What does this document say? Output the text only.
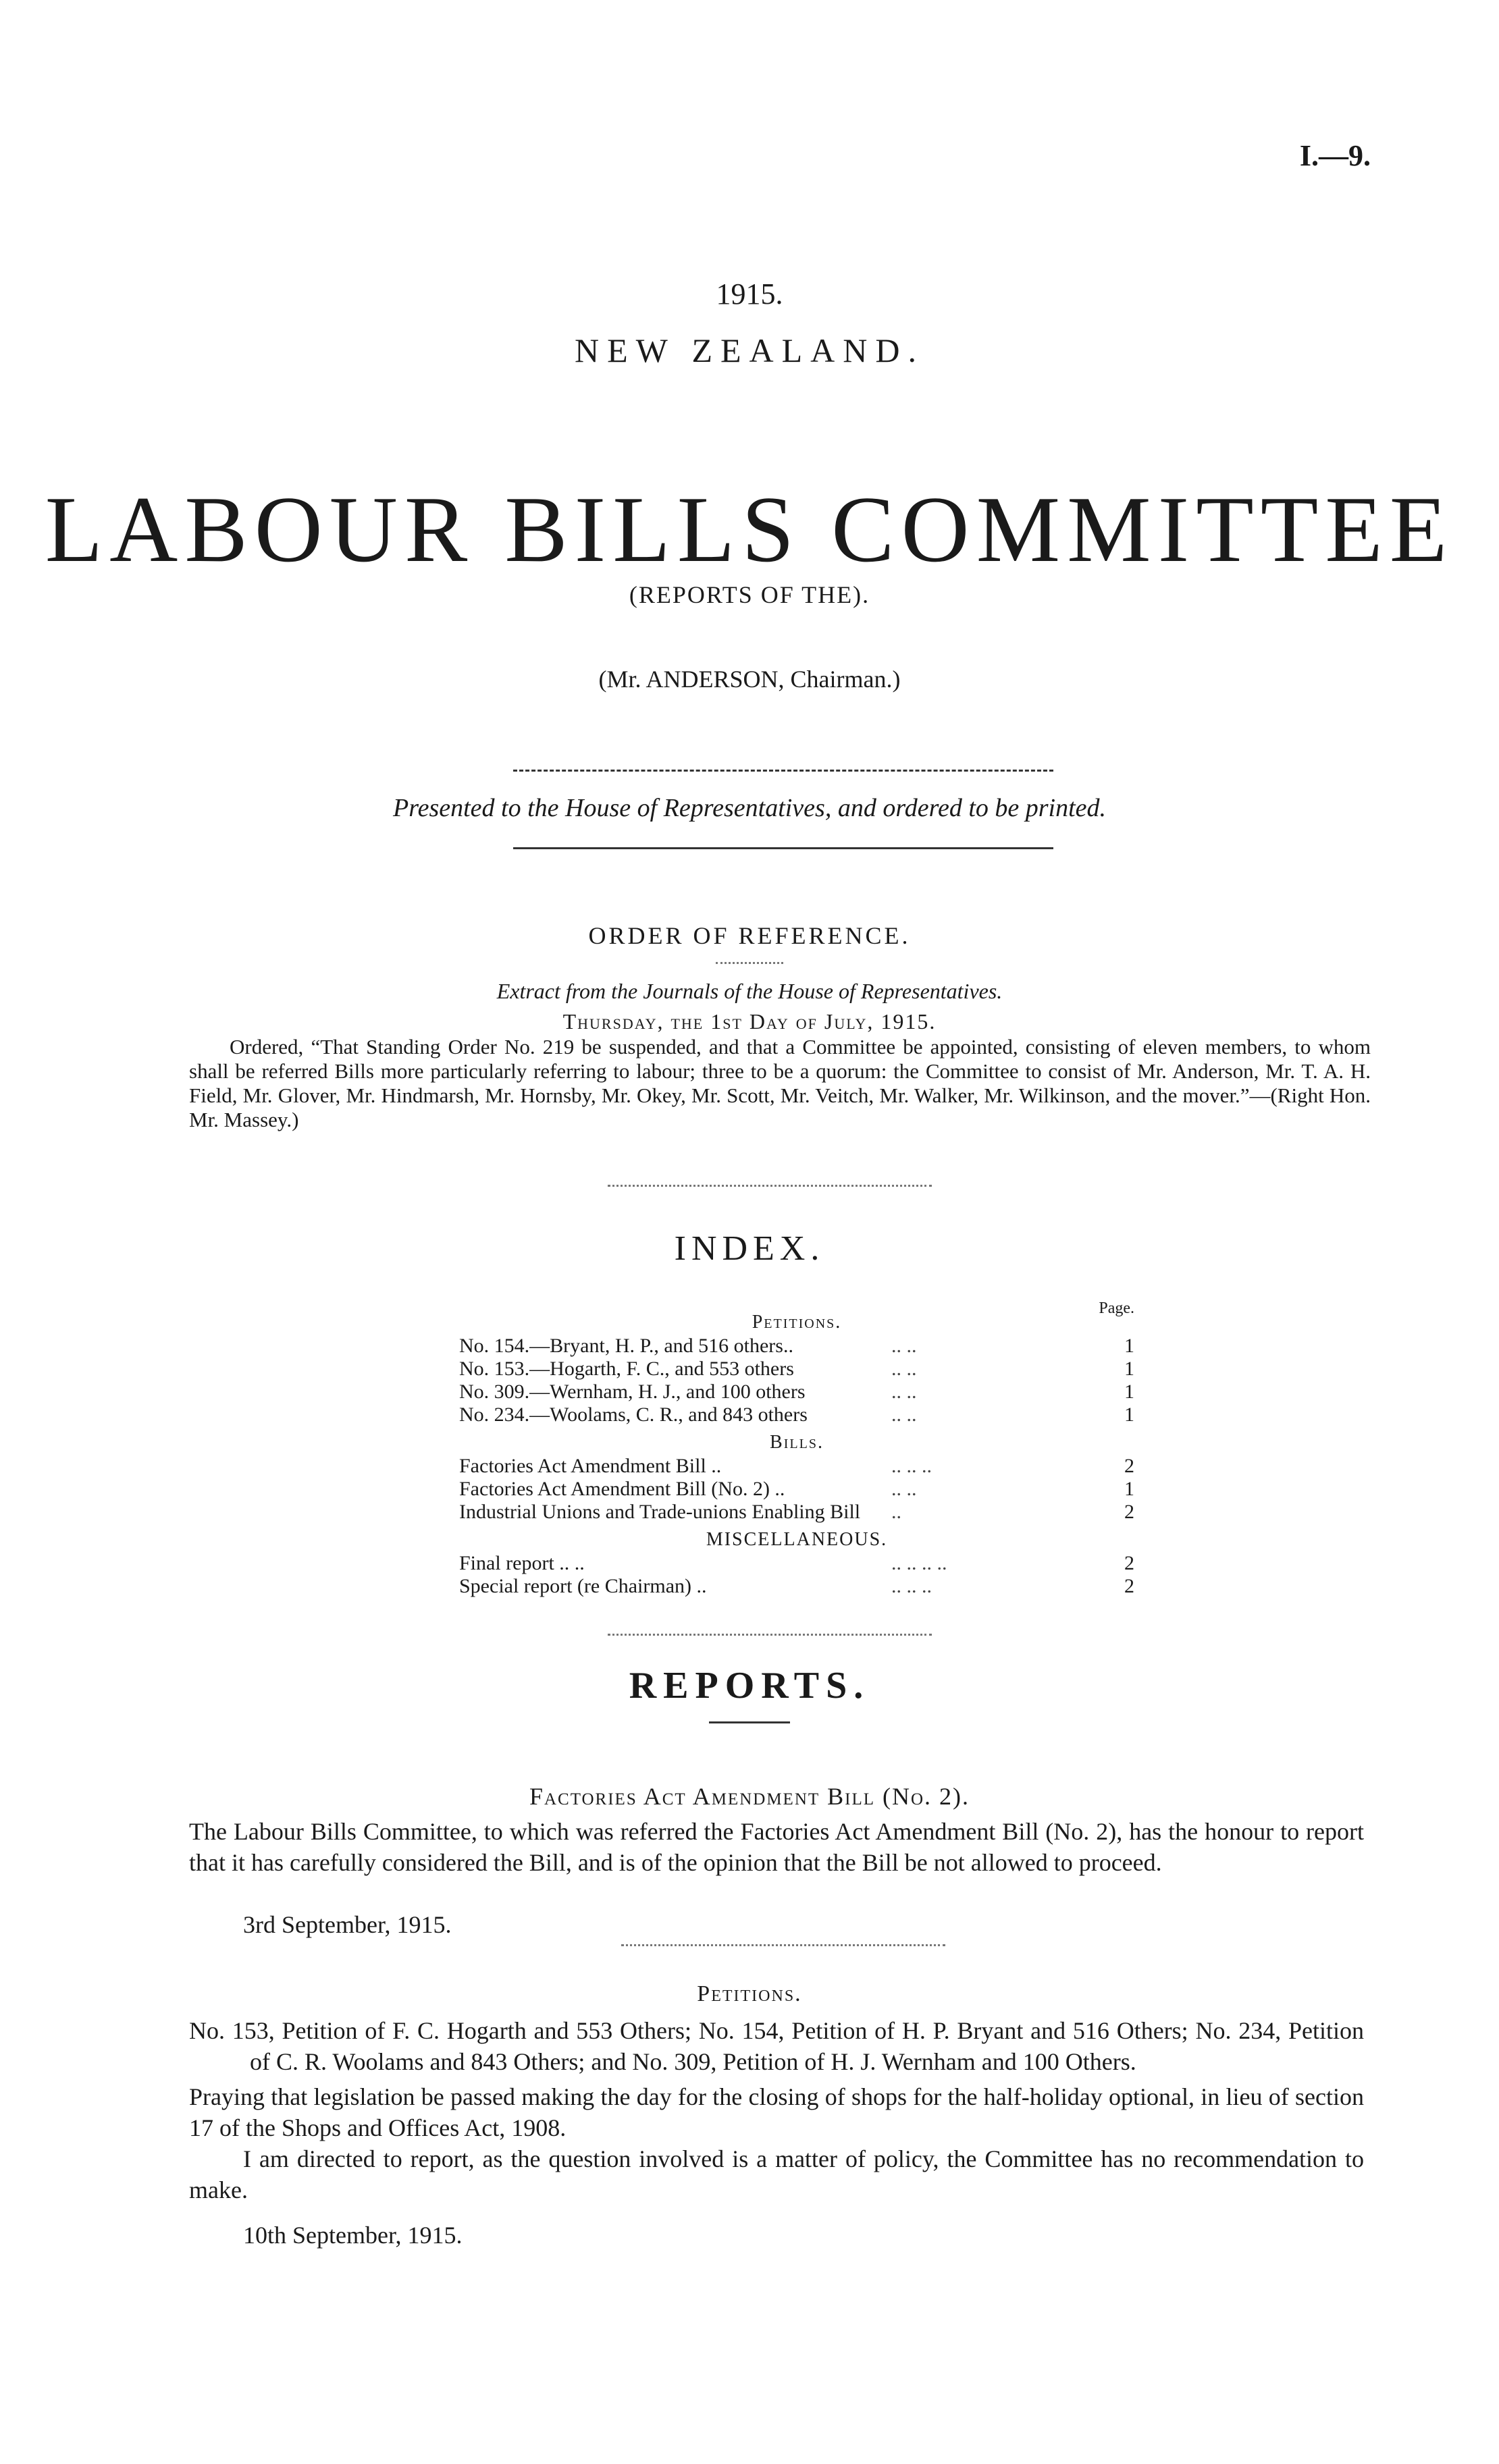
I.—9.
1915.
NEW ZEALAND.
LABOUR BILLS COMMITTEE
(REPORTS OF THE).
(Mr. ANDERSON, Chairman.)
Presented to the House of Representatives, and ordered to be printed.
ORDER OF REFERENCE.
Extract from the Journals of the House of Representatives.
Thursday, the 1st Day of July, 1915.
Ordered, “That Standing Order No. 219 be suspended, and that a Committee be appointed, consisting of eleven members, to whom shall be referred Bills more particularly referring to labour; three to be a quorum: the Committee to consist of Mr. Anderson, Mr. T. A. H. Field, Mr. Glover, Mr. Hindmarsh, Mr. Hornsby, Mr. Okey, Mr. Scott, Mr. Veitch, Mr. Walker, Mr. Wilkinson, and the mover.”—(Right Hon. Mr. Massey.)
INDEX.
Page.
Petitions.
No. 154.—Bryant, H. P., and 516 others..	.. ..	1
No. 153.—Hogarth, F. C., and 553 others	.. ..	1
No. 309.—Wernham, H. J., and 100 others	.. ..	1
No. 234.—Woolams, C. R., and 843 others	.. ..	1
Bills.
Factories Act Amendment Bill ..	.. .. ..	2
Factories Act Amendment Bill (No. 2) ..	.. ..	1
Industrial Unions and Trade-unions Enabling Bill ..	2
MISCELLANEOUS.
Final report .. ..	.. .. .. ..	2
Special report (re Chairman) ..	.. .. ..	2
REPORTS.
Factories Act Amendment Bill (No. 2).
The Labour Bills Committee, to which was referred the Factories Act Amendment Bill (No. 2), has the honour to report that it has carefully considered the Bill, and is of the opinion that the Bill be not allowed to proceed.
3rd September, 1915.
Petitions.
No. 153, Petition of F. C. Hogarth and 553 Others; No. 154, Petition of H. P. Bryant and 516 Others; No. 234, Petition of C. R. Woolams and 843 Others; and No. 309, Petition of H. J. Wernham and 100 Others.
Praying that legislation be passed making the day for the closing of shops for the half-holiday optional, in lieu of section 17 of the Shops and Offices Act, 1908.
I am directed to report, as the question involved is a matter of policy, the Committee has no recommendation to make.
10th September, 1915.
